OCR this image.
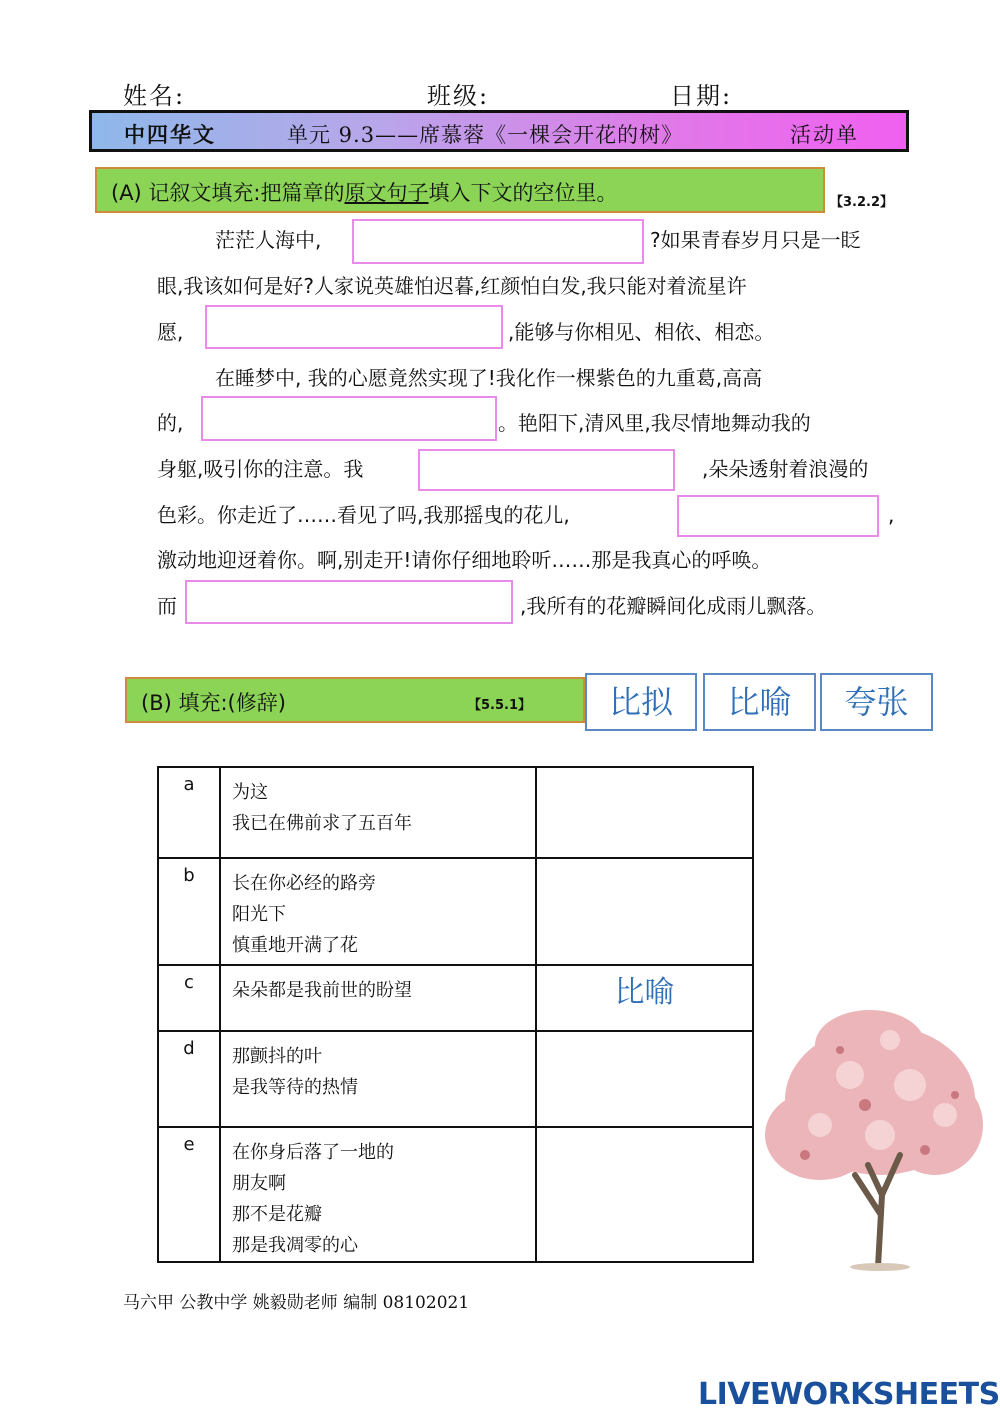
姓名:	班级:	日期:
中四华文	单元 9.3——席慕蓉《一棵会开花的树》	活动单
(A) 记叙文填充:把篇章的原文句子填入下文的空位里。	【3.2.2】
茫茫人海中,	?如果青春岁月只是一眨
眼,我该如何是好?人家说英雄怕迟暮,红颜怕白发,我只能对着流星许
愿,	,能够与你相见、相依、相恋。
在睡梦中, 我的心愿竟然实现了!我化作一棵紫色的九重葛,高高
的,	。艳阳下,清风里,我尽情地舞动我的
身躯,吸引你的注意。我	,朵朵透射着浪漫的
色彩。你走近了……看见了吗,我那摇曳的花儿,	,
激动地迎迓着你。啊,别走开!请你仔细地聆听……那是我真心的呼唤。
而	,我所有的花瓣瞬间化成雨儿飘落。
(B) 填充:(修辞)	【5.5.1】	比拟	比喻	夸张
a	为这
我已在佛前求了五百年	

b	长在你必经的路旁
阳光下
慎重地开满了花	

c	朵朵都是我前世的盼望	比喻
d	那颤抖的叶
是我等待的热情	

e	在你身后落了一地的
朋友啊
那不是花瓣
那是我凋零的心	

马六甲 公教中学 姚毅勋老师 编制 08102021
LIVEWORKSHEETS
